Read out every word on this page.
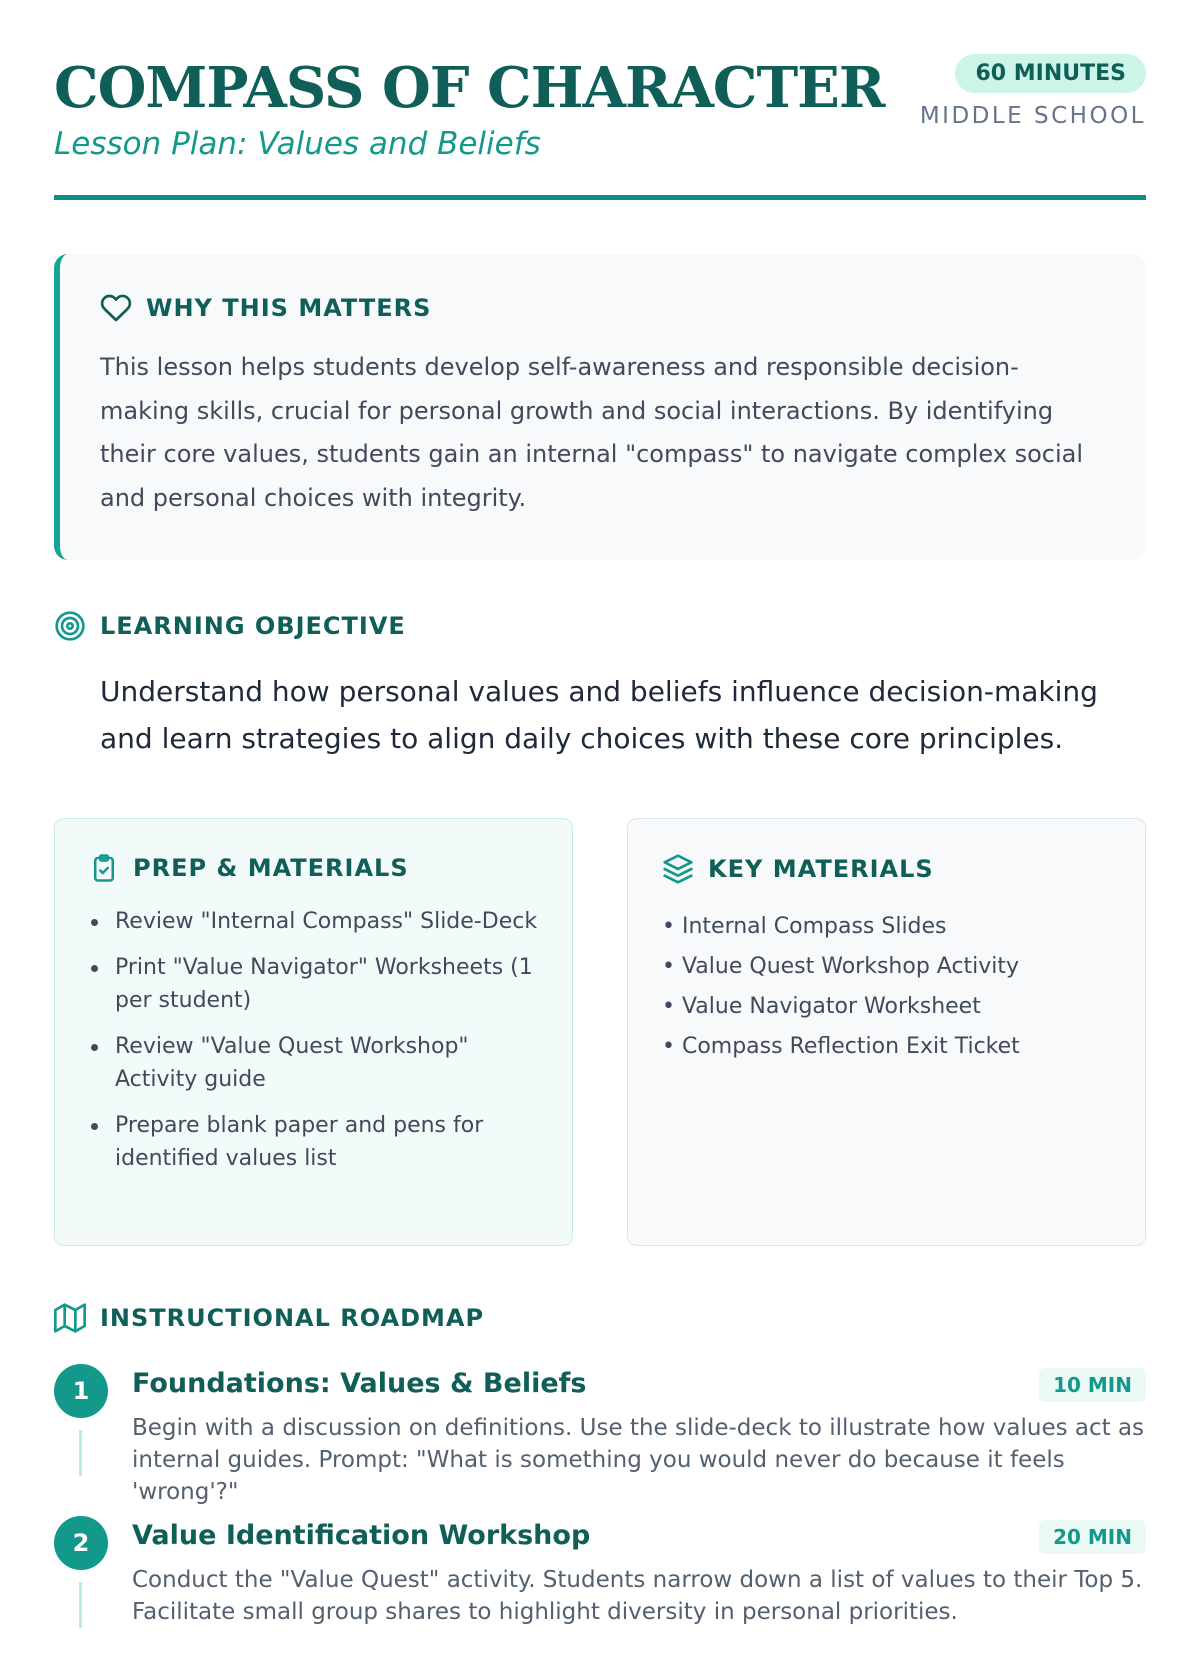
COMPASS OF CHARACTER
Lesson Plan: Values and Beliefs
60 MINUTES
MIDDLE SCHOOL
WHY THIS MATTERS
This lesson helps students develop self-awareness and responsible decision-making skills, crucial for personal growth and social interactions. By identifying their core values, students gain an internal "compass" to navigate complex social and personal choices with integrity.
LEARNING OBJECTIVE
Understand how personal values and beliefs influence decision-making and learn strategies to align daily choices with these core principles.
PREP & MATERIALS
Review "Internal Compass" Slide-Deck
Print "Value Navigator" Worksheets (1 per student)
Review "Value Quest Workshop" Activity guide
Prepare blank paper and pens for identified values list
KEY MATERIALS
• Internal Compass Slides
• Value Quest Workshop Activity
• Value Navigator Worksheet
• Compass Reflection Exit Ticket
INSTRUCTIONAL ROADMAP
1	Foundations: Values & Beliefs	10 MIN
Begin with a discussion on definitions. Use the slide-deck to illustrate how values act as internal guides. Prompt: "What is something you would never do because it feels 'wrong'?"
2	Value Identification Workshop	20 MIN
Conduct the "Value Quest" activity. Students narrow down a list of values to their Top 5. Facilitate small group shares to highlight diversity in personal priorities.
